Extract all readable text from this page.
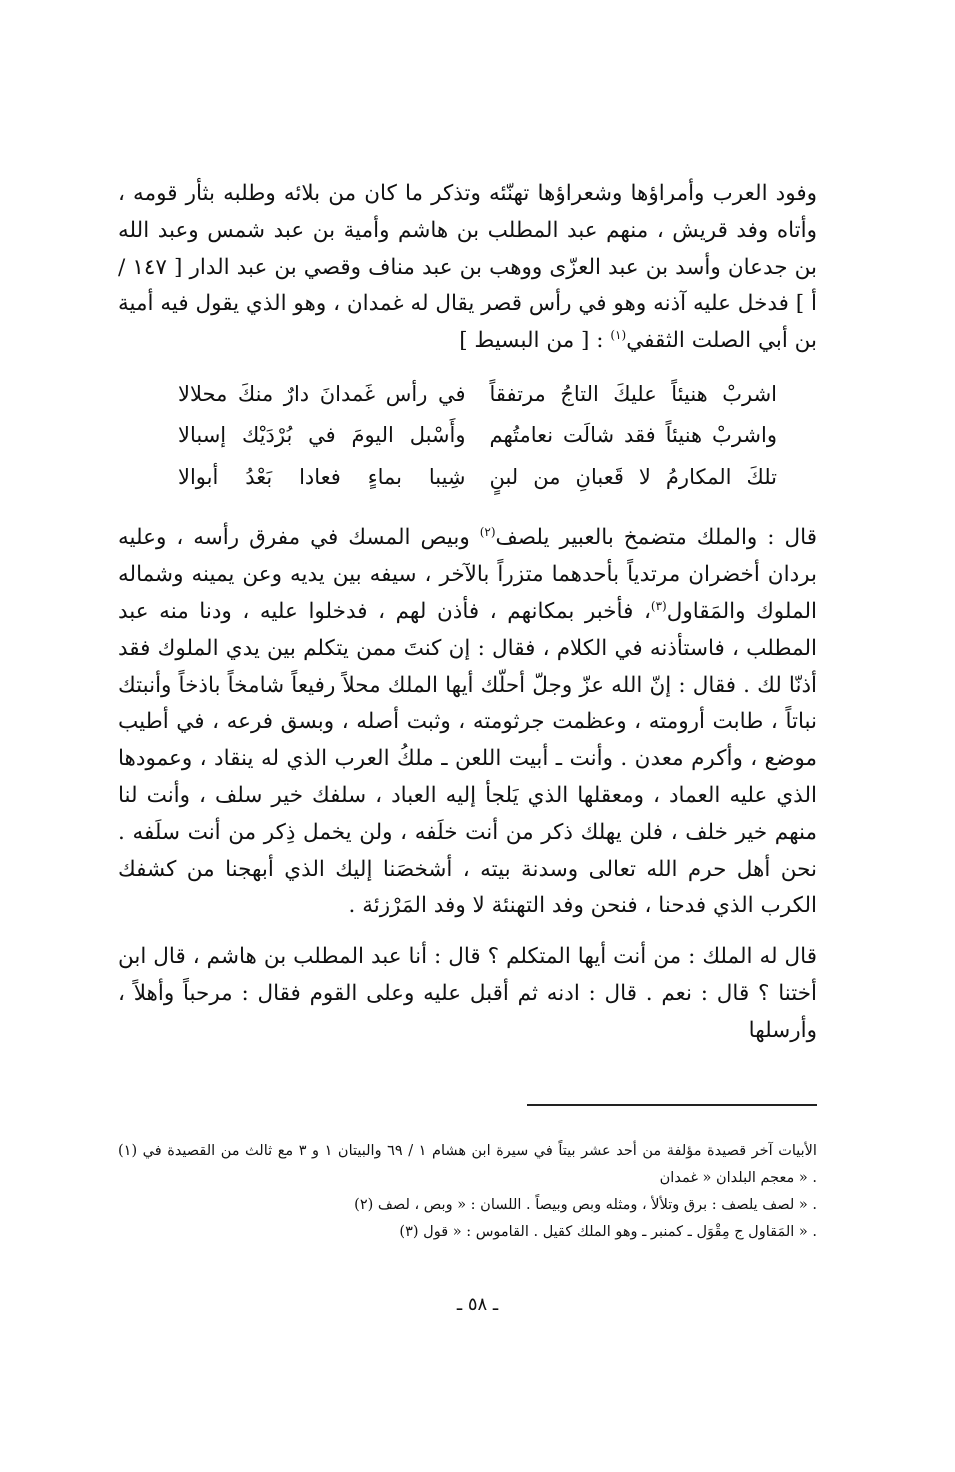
وفود العرب وأمراؤها وشعراؤها تهنّئه وتذكر ما كان من بلائه وطلبه بثأر قومه ، وأتاه وفد قريش ، منهم عبد المطلب بن هاشم وأمية بن عبد شمس وعبد الله بن جدعان وأسد بن عبد العزّى ووهب بن عبد مناف وقصي بن عبد الدار [ ١٤٧ / أ ] فدخل عليه آذنه وهو في رأس قصر يقال له غمدان ، وهو الذي يقول فيه أمية بن أبي الصلت الثقفي$^{(١)}$ : [ من البسيط ]

اشربْ هنيئاً عليكَ التاجُ مرتفقاً
في رأس غَمدانَ دارٌ منكَ محلالا
واشربْ هنيئاً فقد شالَت نعامتُهم
وأَسْبل اليومَ في بُرْدَيْك إسبالا
تلكَ المكارمُ لا قَعبانِ من لبنٍ
شِيبا بماءٍ فعادا بَعْدُ أبوالا

قال : والملك متضمخ بالعبير يلصف$^{(٢)}$ وبيص المسك في مفرق رأسه ، وعليه بردان أخضران مرتدياً بأحدهما متزراً بالآخر ، سيفه بين يديه وعن يمينه وشماله الملوك والمَقاول$^{(٣)}$، فأخبر بمكانهم ، فأذن لهم ، فدخلوا عليه ، ودنا منه عبد المطلب ، فاستأذنه في الكلام ، فقال : إن كنتَ ممن يتكلم بين يدي الملوك فقد أذنّا لك . فقال : إنّ الله عزّ وجلّ أحلّك أيها الملك محلاً رفيعاً شامخاً باذخاً وأنبتك نباتاً ، طابت أرومته ، وعظمت جرثومته ، وثبت أصله ، وبسق فرعه ، في أطيب موضع ، وأكرم معدن . وأنت ـ أبيت اللعن ـ ملكُ العرب الذي له ينقاد ، وعمودها الذي عليه العماد ، ومعقلها الذي يَلجأ إليه العباد ، سلفك خير سلف ، وأنت لنا منهم خير خلف ، فلن يهلك ذكر من أنت خلَفه ، ولن يخمل ذِكر من أنت سلَفه . نحن أهل حرم الله تعالى وسدنة بيته ، أشخصَنا إليك الذي أبهجنا من كشفك الكرب الذي فدحنا ، فنحن وفد التهنئة لا وفد المَرْزئة .

قال له الملك : من أنت أيها المتكلم ؟ قال : أنا عبد المطلب بن هاشم ، قال ابن أختنا ؟ قال : نعم . قال : ادنه ثم أقبل عليه وعلى القوم فقال : مرحباً وأهلاً ، وأرسلها

(١) الأبيات آخر قصيدة مؤلفة من أحد عشر بيتاً في سيرة ابن هشام ١ / ٦٩ والبيتان ١ و ٣ مع ثالث من القصيدة في معجم البلدان « غمدان » .

(٢) لصف يلصف : برق وتلألأ ، ومثله وبص وبيصاً . اللسان : « وبص ، لصف » .

(٣) المَقاول ج مِقْوَل ـ كمنبر ـ وهو الملك كقيل . القاموس : « قول » .

ـ ٥٨ ـ
